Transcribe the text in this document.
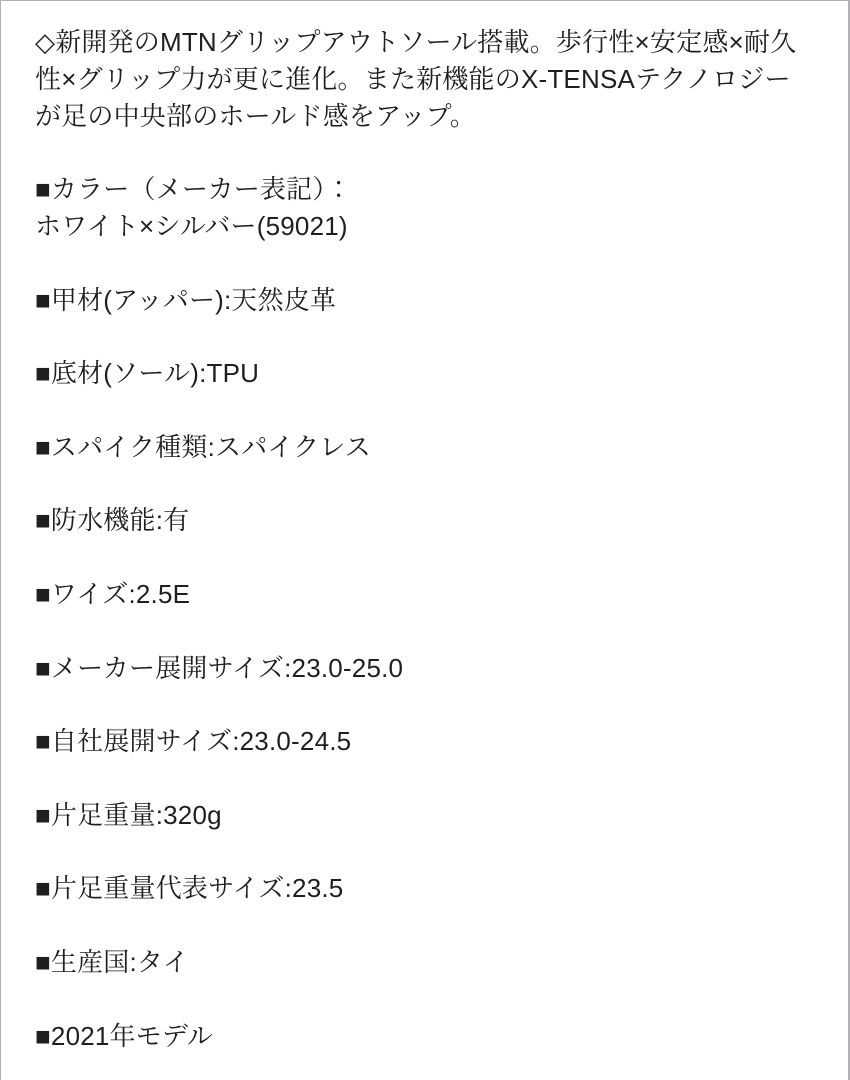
◇新開発のMTNグリップアウトソール搭載。歩行性×安定感×耐久性×グリップ力が更に進化。また新機能のX-TENSAテクノロジーが足の中央部のホールド感をアップ。

■カラー（メーカー表記）：
ホワイト×シルバー(59021)

■甲材(アッパー):天然皮革

■底材(ソール):TPU

■スパイク種類:スパイクレス

■防水機能:有

■ワイズ:2.5E

■メーカー展開サイズ:23.0-25.0

■自社展開サイズ:23.0-24.5

■片足重量:320g

■片足重量代表サイズ:23.5

■生産国:タイ

■2021年モデル
